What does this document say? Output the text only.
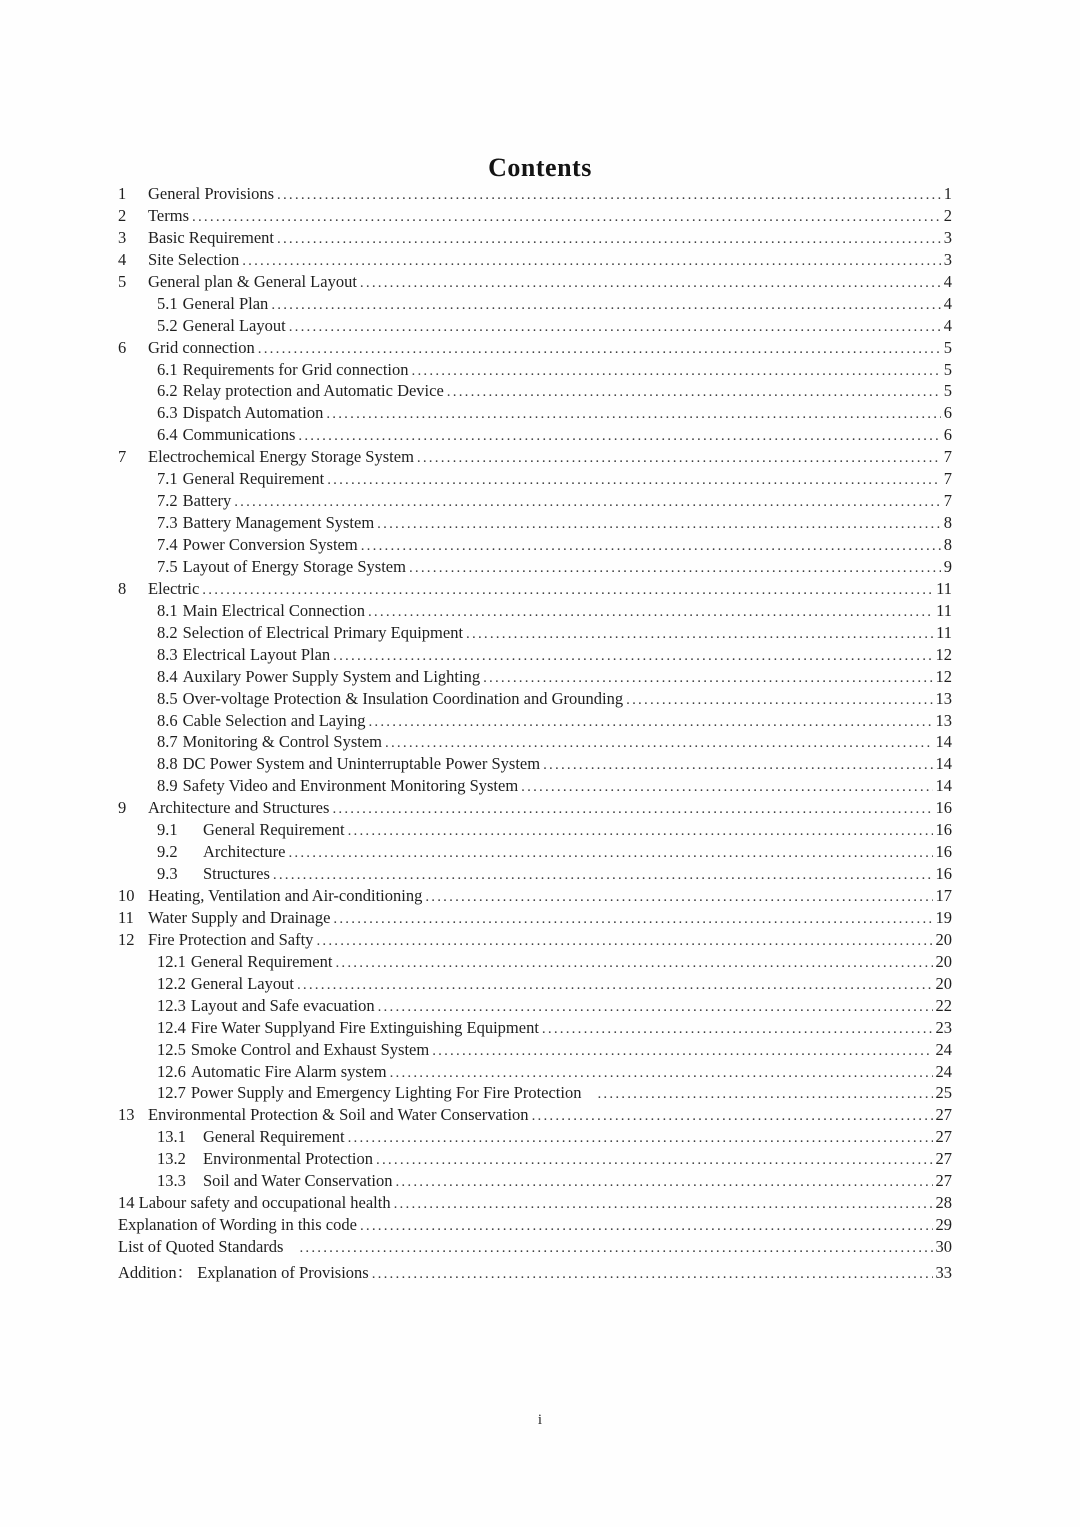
Contents
1	General Provisions .....	1
2	Terms .....	2
3	Basic Requirement .....	3
4	Site Selection .....	3
5	General plan & General Layout .....	4
5.1 General Plan .....	4
5.2 General Layout .....	4
6	Grid connection .....	5
6.1 Requirements for Grid connection .....	5
6.2 Relay protection and Automatic Device .....	5
6.3 Dispatch Automation .....	6
6.4 Communications .....	6
7	Electrochemical Energy Storage System .....	7
7.1 General Requirement .....	7
7.2 Battery .....	7
7.3 Battery Management System .....	8
7.4 Power Conversion System .....	8
7.5 Layout of Energy Storage System .....	9
8	Electric .....	11
8.1 Main Electrical Connection .....	11
8.2 Selection of Electrical Primary Equipment .....	11
8.3 Electrical Layout Plan .....	12
8.4 Auxilary Power Supply System and Lighting .....	12
8.5 Over-voltage Protection & Insulation Coordination and Grounding .....	13
8.6 Cable Selection and Laying .....	13
8.7 Monitoring & Control System .....	14
8.8 DC Power System and Uninterruptable Power System .....	14
8.9 Safety Video and Environment Monitoring System .....	14
9	Architecture and Structures .....	16
9.1	General Requirement .....	16
9.2	Architecture .....	16
9.3	Structures .....	16
10 Heating, Ventilation and Air-conditioning .....	17
11 Water Supply and Drainage .....	19
12 Fire Protection and Safty .....	20
12.1 General Requirement .....	20
12.2 General Layout .....	20
12.3 Layout and Safe evacuation .....	22
12.4 Fire Water Supplyand Fire Extinguishing Equipment .....	23
12.5 Smoke Control and Exhaust System .....	24
12.6 Automatic Fire Alarm system .....	24
12.7 Power Supply and Emergency Lighting For Fire Protection .....	25
13 Environmental Protection & Soil and Water Conservation .....	27
13.1	General Requirement .....	27
13.2	Environmental Protection .....	27
13.3	Soil and Water Conservation .....	27
14 Labour safety and occupational health .....	28
Explanation of Wording in this code .....	29
List of Quoted Standards .....	30
Addition： Explanation of Provisions .....	33
i
